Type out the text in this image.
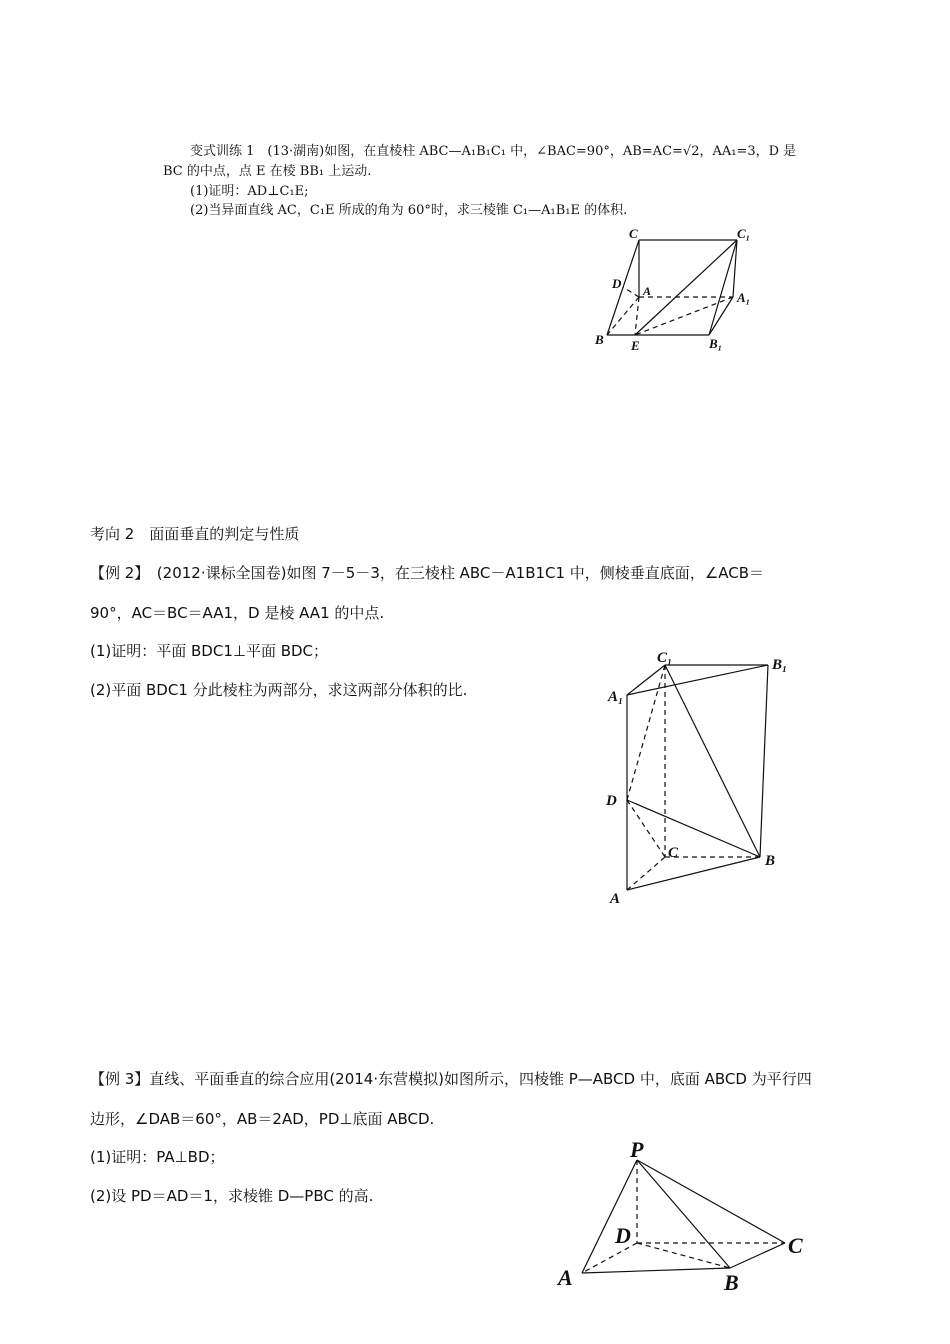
变式训练 1　(13·湖南)如图，在直棱柱 ABC—A₁B₁C₁ 中，∠BAC=90°，AB=AC=√2，AA₁=3，D 是
BC 的中点，点 E 在棱 BB₁ 上运动.
(1)证明：AD⊥C₁E;
(2)当异面直线 AC，C₁E 所成的角为 60°时，求三棱锥 C₁—A₁B₁E 的体积.
C	C₁
D A	A₁
B E	B₁
考向 2　面面垂直的判定与性质
【例 2】　(2012·课标全国卷)如图 7－5－3，在三棱柱 ABC－A1B1C1 中，侧棱垂直底面，∠ACB＝
90°，AC＝BC＝AA1，D 是棱 AA1 的中点.
(1)证明：平面 BDC1⊥平面 BDC；
(2)平面 BDC1 分此棱柱为两部分，求这两部分体积的比.
C₁	B₁
A₁
D
C	B
A
【例 3】直线、平面垂直的综合应用(2014·东营模拟)如图所示，四棱锥 P—ABCD 中，底面 ABCD 为平行四
边形，∠DAB＝60°，AB＝2AD，PD⊥底面 ABCD.
(1)证明：PA⊥BD；
(2)设 PD＝AD＝1，求棱锥 D—PBC 的高.
P
D	C
A	B
